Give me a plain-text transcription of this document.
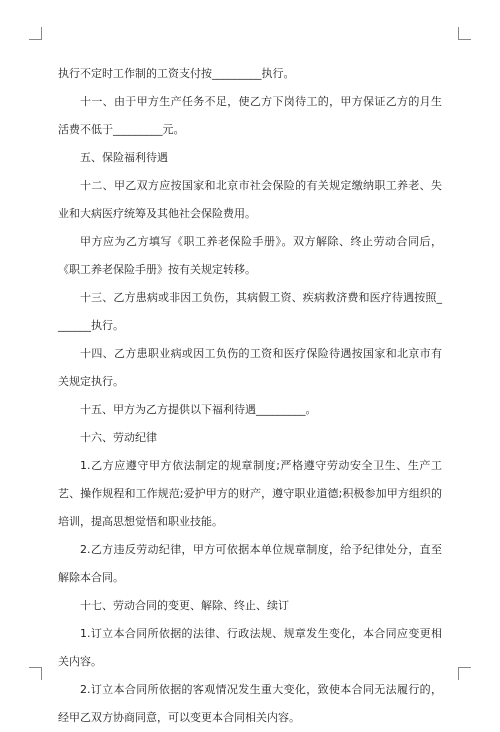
执行不定时工作制的工资支付按_________执行。

十一、由于甲方生产任务不足，使乙方下岗待工的，甲方保证乙方的月生活费不低于_________元。

五、保险福利待遇

十二、甲乙双方应按国家和北京市社会保险的有关规定缴纳职工养老、失业和大病医疗统筹及其他社会保险费用。

甲方应为乙方填写《职工养老保险手册》。双方解除、终止劳动合同后，《职工养老保险手册》按有关规定转移。

十三、乙方患病或非因工负伤，其病假工资、疾病救济费和医疗待遇按照_______执行。

十四、乙方患职业病或因工负伤的工资和医疗保险待遇按国家和北京市有关规定执行。

十五、甲方为乙方提供以下福利待遇_________。

十六、劳动纪律

1.乙方应遵守甲方依法制定的规章制度;严格遵守劳动安全卫生、生产工艺、操作规程和工作规范;爱护甲方的财产，遵守职业道德;积极参加甲方组织的培训，提高思想觉悟和职业技能。

2.乙方违反劳动纪律，甲方可依据本单位规章制度，给予纪律处分，直至解除本合同。

十七、劳动合同的变更、解除、终止、续订

1.订立本合同所依据的法律、行政法规、规章发生变化，本合同应变更相关内容。

2.订立本合同所依据的客观情况发生重大变化，致使本合同无法履行的，经甲乙双方协商同意，可以变更本合同相关内容。
